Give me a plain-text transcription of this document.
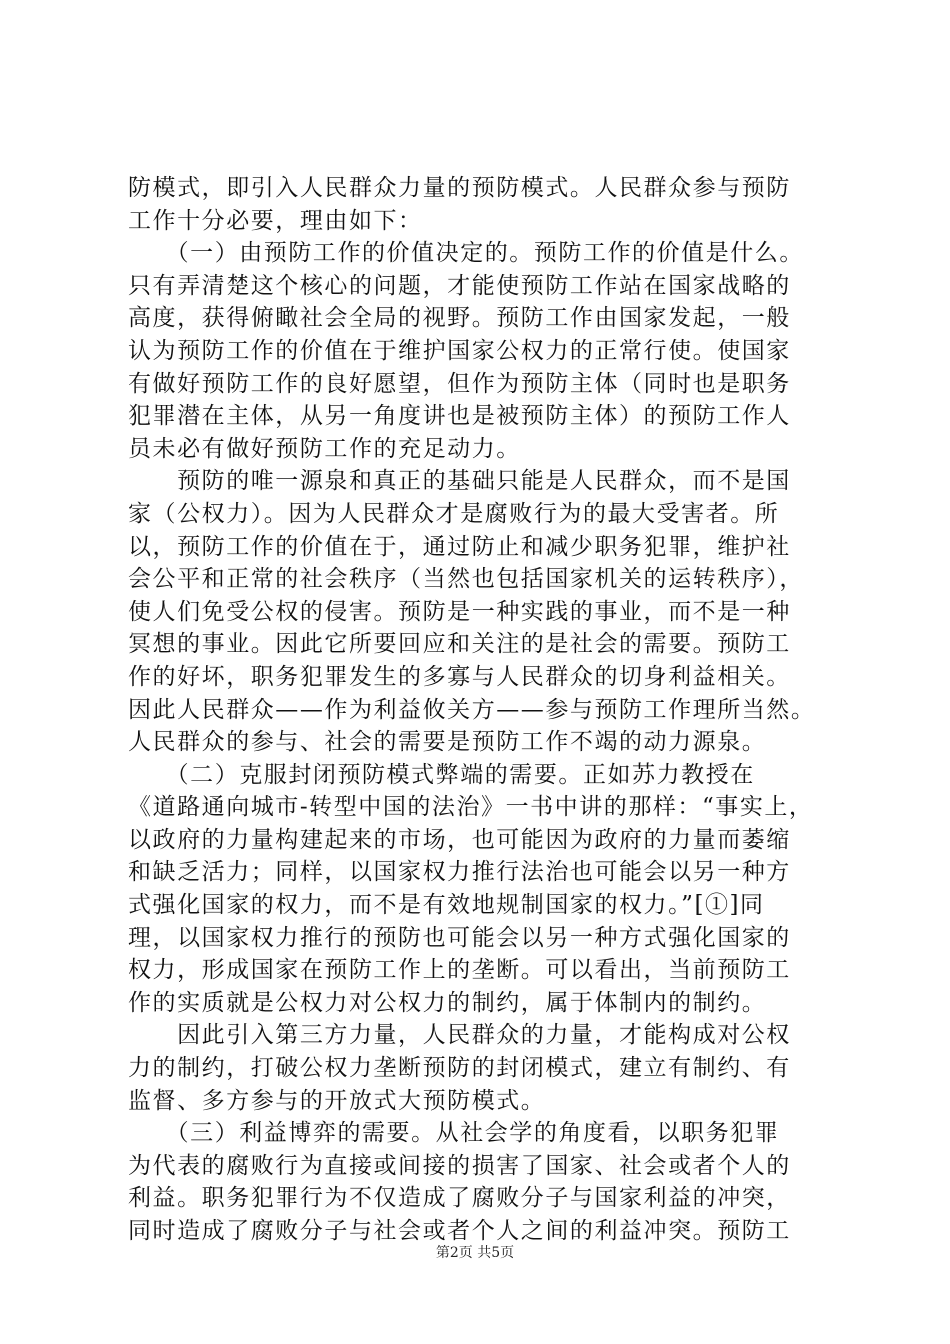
防模式，即引入人民群众力量的预防模式。人民群众参与预防
工作十分必要，理由如下：
　　（一）由预防工作的价值决定的。预防工作的价值是什么。
只有弄清楚这个核心的问题，才能使预防工作站在国家战略的
高度，获得俯瞰社会全局的视野。预防工作由国家发起，一般
认为预防工作的价值在于维护国家公权力的正常行使。使国家
有做好预防工作的良好愿望，但作为预防主体（同时也是职务
犯罪潜在主体，从另一角度讲也是被预防主体）的预防工作人
员未必有做好预防工作的充足动力。
　　预防的唯一源泉和真正的基础只能是人民群众，而不是国
家（公权力）。因为人民群众才是腐败行为的最大受害者。所
以，预防工作的价值在于，通过防止和减少职务犯罪，维护社
会公平和正常的社会秩序（当然也包括国家机关的运转秩序），
使人们免受公权的侵害。预防是一种实践的事业，而不是一种
冥想的事业。因此它所要回应和关注的是社会的需要。预防工
作的好坏，职务犯罪发生的多寡与人民群众的切身利益相关。
因此人民群众——作为利益攸关方——参与预防工作理所当然。
人民群众的参与、社会的需要是预防工作不竭的动力源泉。
　　（二）克服封闭预防模式弊端的需要。正如苏力教授在
《道路通向城市-转型中国的法治》一书中讲的那样：“事实上，
以政府的力量构建起来的市场，也可能因为政府的力量而萎缩
和缺乏活力；同样，以国家权力推行法治也可能会以另一种方
式强化国家的权力，而不是有效地规制国家的权力。”[①]同
理，以国家权力推行的预防也可能会以另一种方式强化国家的
权力，形成国家在预防工作上的垄断。可以看出，当前预防工
作的实质就是公权力对公权力的制约，属于体制内的制约。
　　因此引入第三方力量，人民群众的力量，才能构成对公权
力的制约，打破公权力垄断预防的封闭模式，建立有制约、有
监督、多方参与的开放式大预防模式。
　　（三）利益博弈的需要。从社会学的角度看，以职务犯罪
为代表的腐败行为直接或间接的损害了国家、社会或者个人的
利益。职务犯罪行为不仅造成了腐败分子与国家利益的冲突，
同时造成了腐败分子与社会或者个人之间的利益冲突。预防工
第2页 共5页
